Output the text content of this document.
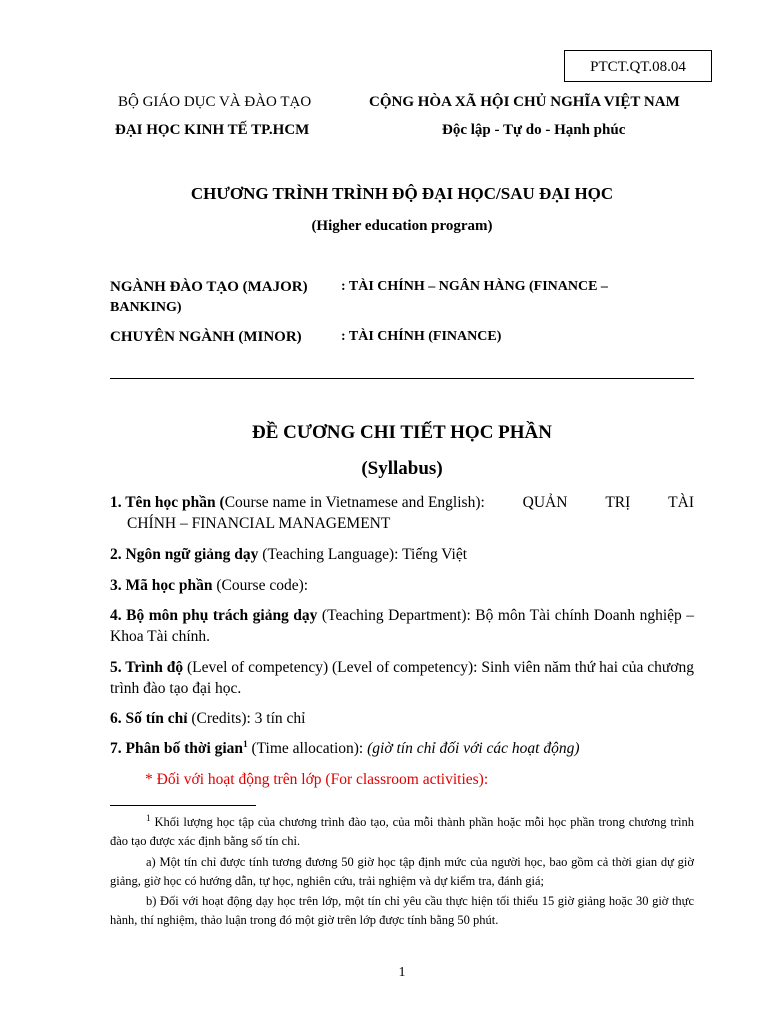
PTCT.QT.08.04
BỘ GIÁO DỤC VÀ ĐÀO TẠO
ĐẠI HỌC KINH TẾ TP.HCM
CỘNG HÒA XÃ HỘI CHỦ NGHĨA VIỆT NAM
Độc lập - Tự do - Hạnh phúc
CHƯƠNG TRÌNH TRÌNH ĐỘ ĐẠI HỌC/SAU ĐẠI HỌC
(Higher education program)
NGÀNH ĐÀO TẠO (MAJOR) : TÀI CHÍNH – NGÂN HÀNG (FINANCE –
BANKING)
CHUYÊN NGÀNH (MINOR)	: TÀI CHÍNH (FINANCE)
ĐỀ CƯƠNG CHI TIẾT HỌC PHẦN
(Syllabus)
1. Tên học phần (Course name in Vietnamese and English): QUẢN TRỊ TÀI
CHÍNH – FINANCIAL MANAGEMENT
2. Ngôn ngữ giảng dạy (Teaching Language): Tiếng Việt
3. Mã học phần (Course code):
4. Bộ môn phụ trách giảng dạy (Teaching Department): Bộ môn Tài chính Doanh nghiệp – Khoa Tài chính.
5. Trình độ (Level of competency) (Level of competency): Sinh viên năm thứ hai của chương trình đào tạo đại học.
6. Số tín chỉ (Credits): 3 tín chỉ
7. Phân bố thời gian$^1$ (Time allocation): (giờ tín chỉ đối với các hoạt động)
* Đối với hoạt động trên lớp (For classroom activities):
$^1$ Khối lượng học tập của chương trình đào tạo, của mỗi thành phần hoặc mỗi học phần trong chương trình đào tạo được xác định bằng số tín chỉ.
a) Một tín chỉ được tính tương đương 50 giờ học tập định mức của người học, bao gồm cả thời gian dự giờ giảng, giờ học có hướng dẫn, tự học, nghiên cứu, trải nghiệm và dự kiểm tra, đánh giá;
b) Đối với hoạt động dạy học trên lớp, một tín chỉ yêu cầu thực hiện tối thiểu 15 giờ giảng hoặc 30 giờ thực hành, thí nghiệm, thảo luận trong đó một giờ trên lớp được tính bằng 50 phút.
1
